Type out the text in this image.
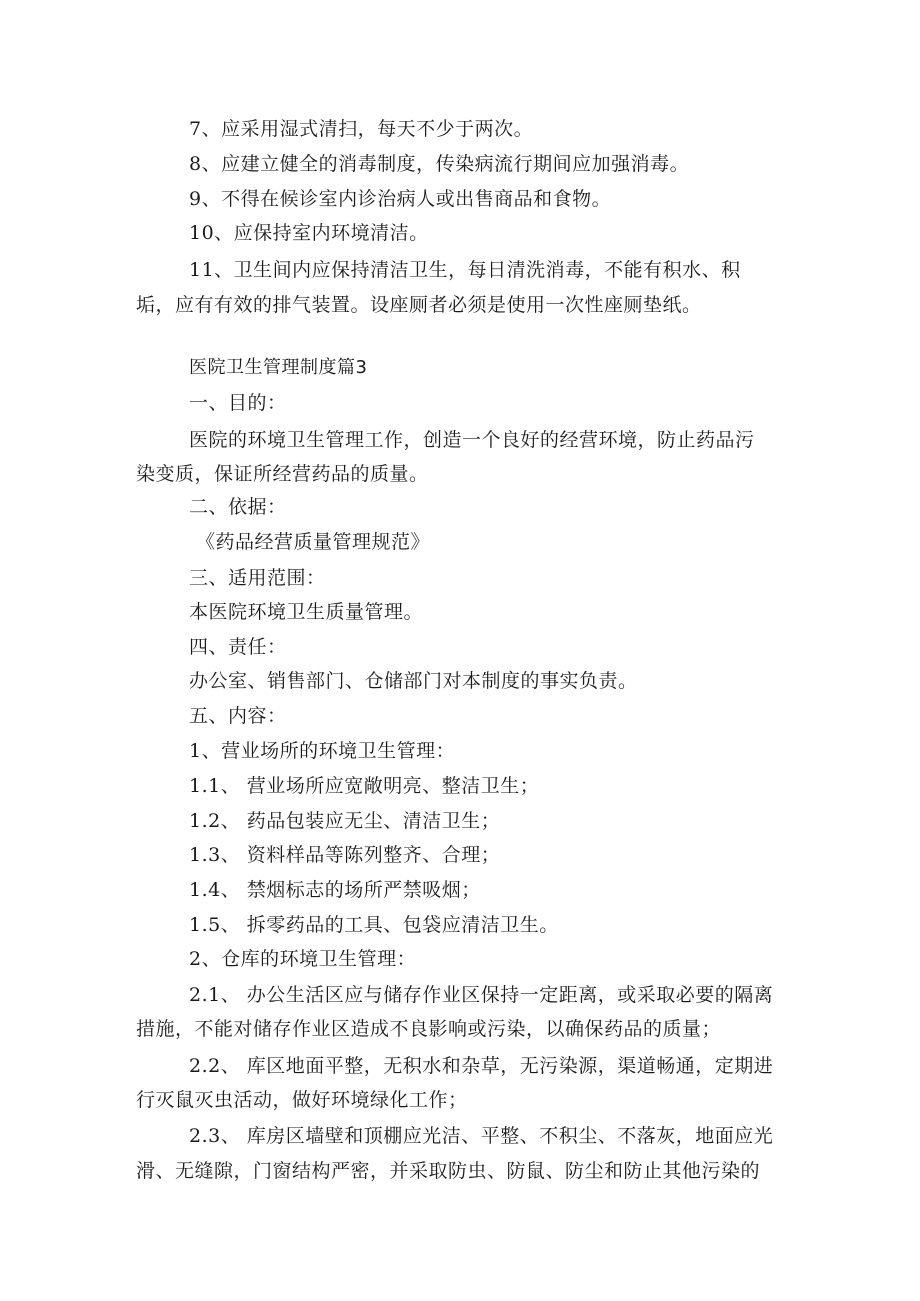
7、应采用湿式清扫，每天不少于两次。
8、应建立健全的消毒制度，传染病流行期间应加强消毒。
9、不得在候诊室内诊治病人或出售商品和食物。
10、应保持室内环境清洁。
11、卫生间内应保持清洁卫生，每日清洗消毒，不能有积水、积
垢，应有有效的排气装置。设座厕者必须是使用一次性座厕垫纸。
医院卫生管理制度篇3
一、目的：
医院的环境卫生管理工作，创造一个良好的经营环境，防止药品污
染变质，保证所经营药品的质量。
二、依据：
《药品经营质量管理规范》
三、适用范围：
本医院环境卫生质量管理。
四、责任：
办公室、销售部门、仓储部门对本制度的事实负责。
五、内容：
1、营业场所的环境卫生管理：
1.1、 营业场所应宽敞明亮、整洁卫生；
1.2、 药品包装应无尘、清洁卫生；
1.3、 资料样品等陈列整齐、合理；
1.4、 禁烟标志的场所严禁吸烟；
1.5、 拆零药品的工具、包袋应清洁卫生。
2、仓库的环境卫生管理：
2.1、 办公生活区应与储存作业区保持一定距离，或采取必要的隔离
措施，不能对储存作业区造成不良影响或污染，以确保药品的质量；
2.2、 库区地面平整，无积水和杂草，无污染源，渠道畅通，定期进
行灭鼠灭虫活动，做好环境绿化工作；
2.3、 库房区墙壁和顶棚应光洁、平整、不积尘、不落灰，地面应光
滑、无缝隙，门窗结构严密，并采取防虫、防鼠、防尘和防止其他污染的
